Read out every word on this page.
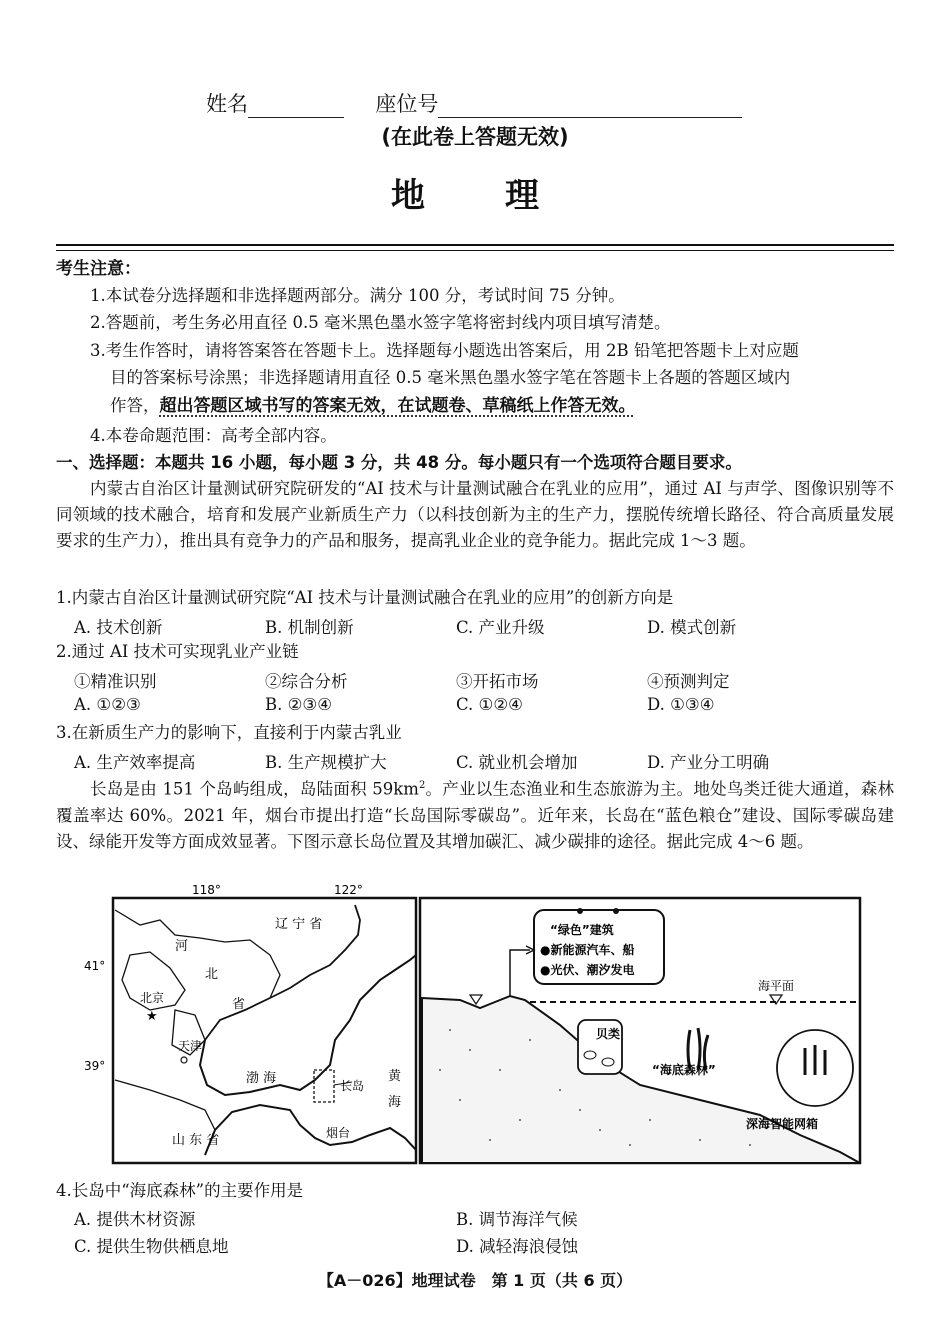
姓名	座位号
(在此卷上答题无效)
地理
考生注意：
1.本试卷分选择题和非选择题两部分。满分 100 分，考试时间 75 分钟。
2.答题前，考生务必用直径 0.5 毫米黑色墨水签字笔将密封线内项目填写清楚。
3.考生作答时，请将答案答在答题卡上。选择题每小题选出答案后，用 2B 铅笔把答题卡上对应题
目的答案标号涂黑；非选择题请用直径 0.5 毫米黑色墨水签字笔在答题卡上各题的答题区域内
作答，超出答题区域书写的答案无效，在试题卷、草稿纸上作答无效。
4.本卷命题范围：高考全部内容。
一、选择题：本题共 16 小题，每小题 3 分，共 48 分。每小题只有一个选项符合题目要求。
内蒙古自治区计量测试研究院研发的“AI 技术与计量测试融合在乳业的应用”，通过 AI 与声学、图像识别等不同领域的技术融合，培育和发展产业新质生产力（以科技创新为主的生产力，摆脱传统增长路径、符合高质量发展要求的生产力），推出具有竞争力的产品和服务，提高乳业企业的竞争能力。据此完成 1～3 题。
1.内蒙古自治区计量测试研究院“AI 技术与计量测试融合在乳业的应用”的创新方向是
A. 技术创新	B. 机制创新	C. 产业升级	D. 模式创新
2.通过 AI 技术可实现乳业产业链
①精准识别	②综合分析	③开拓市场	④预测判定
A. ①②③	B. ②③④	C. ①②④	D. ①③④
3.在新质生产力的影响下，直接利于内蒙古乳业
A. 生产效率提高	B. 生产规模扩大	C. 就业机会增加	D. 产业分工明确
长岛是由 151 个岛屿组成，岛陆面积 $59km^2$。产业以生态渔业和生态旅游为主。地处鸟类迁徙大通道，森林覆盖率达 60%。2021 年，烟台市提出打造“长岛国际零碳岛”。近年来，长岛在“蓝色粮仓”建设、国际零碳岛建设、绿能开发等方面成效显著。下图示意长岛位置及其增加碳汇、减少碳排的途径。据此完成 4～6 题。
118°	122°
41°
39°
辽 宁 省
河
北
省
北京
★
天津
渤 海	长岛
黄
海
烟台
山 东 省
“绿色”建筑
●新能源汽车、船
●光伏、潮汐发电
海平面
贝类
“海底森林”
深海智能网箱
4.长岛中“海底森林”的主要作用是
A. 提供木材资源	B. 调节海洋气候
C. 提供生物供栖息地	D. 减轻海浪侵蚀
【A－026】地理试卷　第 1 页（共 6 页）
